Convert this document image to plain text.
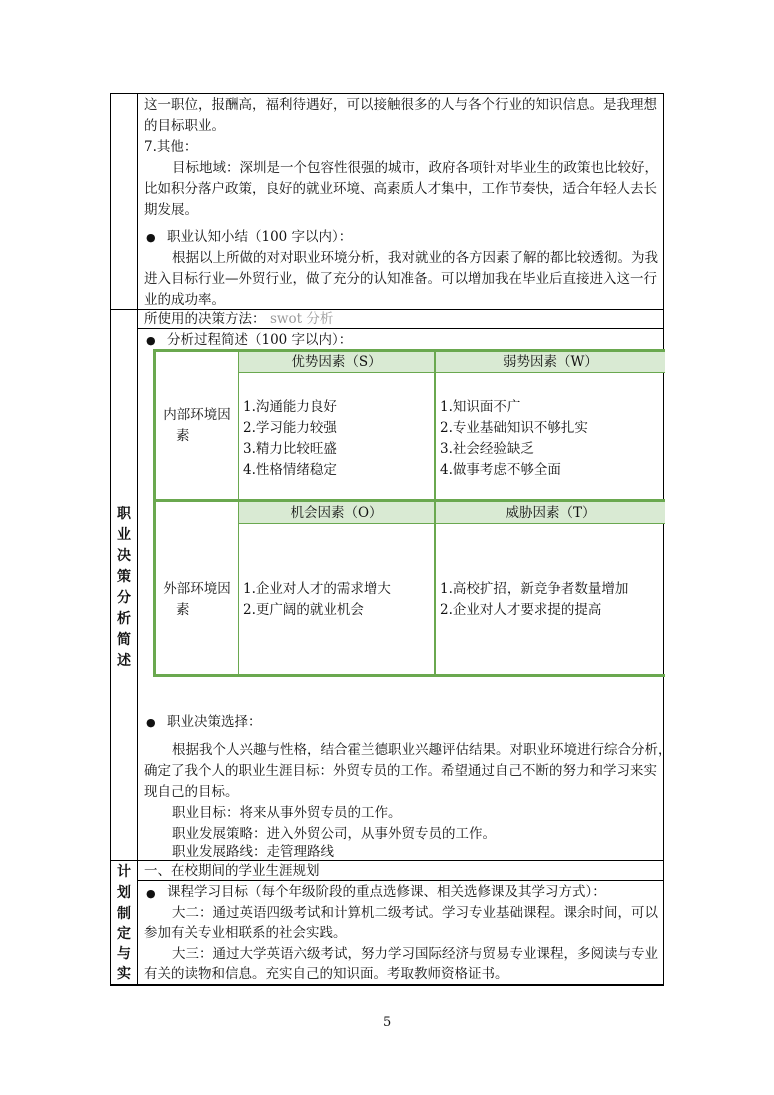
这一职位，报酬高，福利待遇好，可以接触很多的人与各个行业的知识信息。是我理想
的目标职业。
7.其他：
目标地域：深圳是一个包容性很强的城市，政府各项针对毕业生的政策也比较好，
比如积分落户政策，良好的就业环境、高素质人才集中，工作节奏快，适合年轻人去长
期发展。
● 职业认知小结（100 字以内）：
根据以上所做的对对职业环境分析，我对就业的各方因素了解的都比较透彻。为我
进入目标行业—外贸行业，做了充分的认知准备。可以增加我在毕业后直接进入这一行
业的成功率。
职
业
决
策
分
析
简
述
所使用的决策方法： swot 分析
● 分析过程简述（100 字以内）：
优势因素（S）	弱势因素（W）
机会因素（O）	威胁因素（T）
内部环境因
素
外部环境因
素
1.沟通能力良好
2.学习能力较强
3.精力比较旺盛
4.性格情绪稳定
1.知识面不广
2.专业基础知识不够扎实
3.社会经验缺乏
4.做事考虑不够全面
1.企业对人才的需求增大
2.更广阔的就业机会
1.高校扩招，新竞争者数量增加
2.企业对人才要求提的提高
● 职业决策选择：
根据我个人兴趣与性格，结合霍兰德职业兴趣评估结果。对职业环境进行综合分析，
确定了我个人的职业生涯目标：外贸专员的工作。希望通过自己不断的努力和学习来实
现自己的目标。
职业目标：将来从事外贸专员的工作。
职业发展策略：进入外贸公司，从事外贸专员的工作。
职业发展路线：走管理路线
计
划
制
定
与
实
一、在校期间的学业生涯规划
● 课程学习目标（每个年级阶段的重点选修课、相关选修课及其学习方式）：
大二：通过英语四级考试和计算机二级考试。学习专业基础课程。课余时间，可以
参加有关专业相联系的社会实践。
大三：通过大学英语六级考试，努力学习国际经济与贸易专业课程，多阅读与专业
有关的读物和信息。充实自己的知识面。考取教师资格证书。
5
